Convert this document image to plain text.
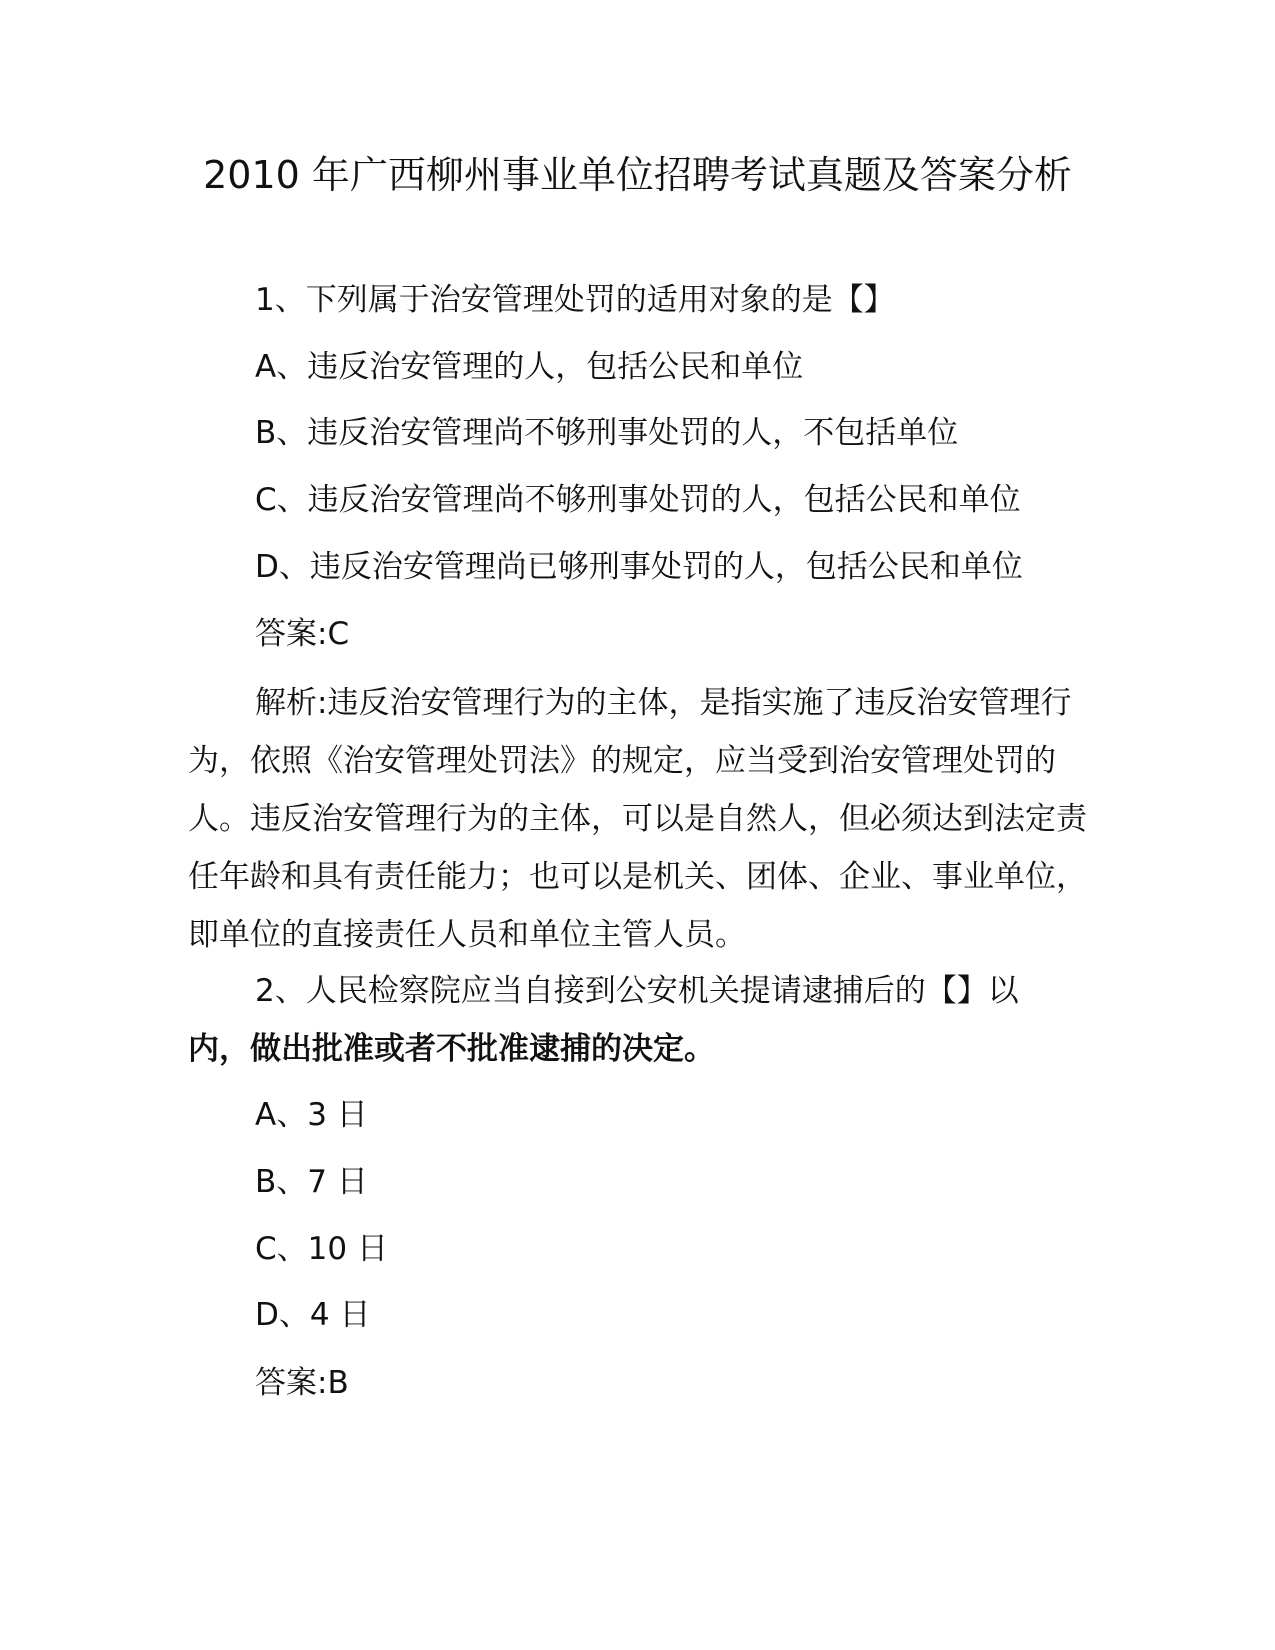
2010 年广西柳州事业单位招聘考试真题及答案分析

1、下列属于治安管理处罚的适用对象的是【】

A、违反治安管理的人，包括公民和单位

B、违反治安管理尚不够刑事处罚的人，不包括单位

C、违反治安管理尚不够刑事处罚的人，包括公民和单位

D、违反治安管理尚已够刑事处罚的人，包括公民和单位

答案:C

解析:违反治安管理行为的主体，是指实施了违反治安管理行为，依照《治安管理处罚法》的规定，应当受到治安管理处罚的人。违反治安管理行为的主体，可以是自然人，但必须达到法定责任年龄和具有责任能力；也可以是机关、团体、企业、事业单位，即单位的直接责任人员和单位主管人员。

2、人民检察院应当自接到公安机关提请逮捕后的【】以
内，做出批准或者不批准逮捕的决定。

A、3 日

B、7 日

C、10 日

D、4 日

答案:B
